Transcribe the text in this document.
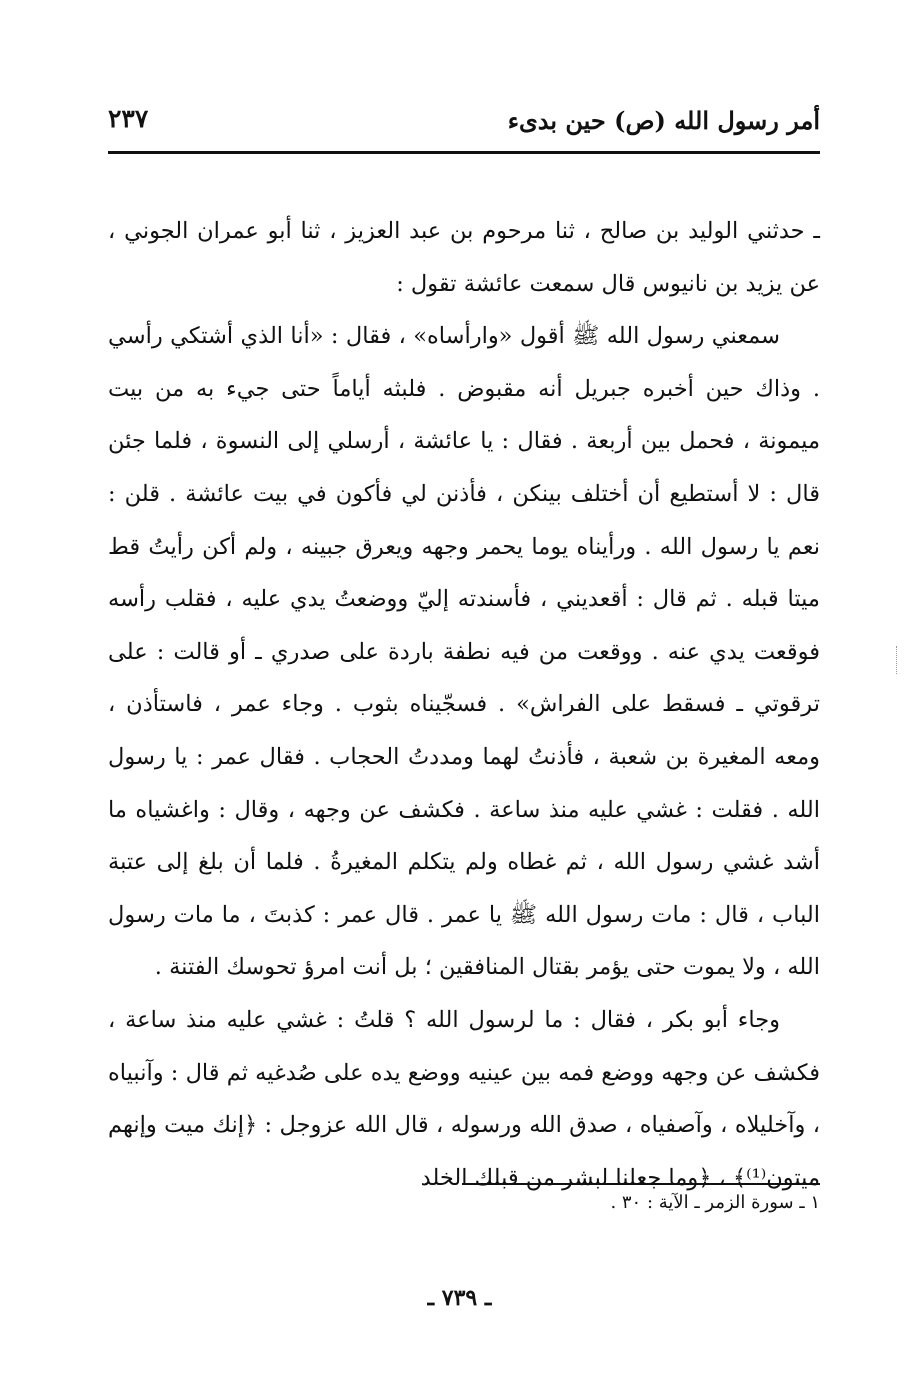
أمر رسول الله (ص) حين بدىء
٢٣٧

ـ حدثني الوليد بن صالح ، ثنا مرحوم بن عبد العزيز ، ثنا أبو عمران الجوني ، عن يزيد بن نانيوس قال سمعت عائشة تقول :

سمعني رسول الله ﷺ أقول «وارأساه» ، فقال : «أنا الذي أشتكي رأسي . وذاك حين أخبره جبريل أنه مقبوض . فلبثه أياماً حتى جيء به من بيت ميمونة ، فحمل بين أربعة . فقال : يا عائشة ، أرسلي إلى النسوة ، فلما جئن قال : لا أستطيع أن أختلف بينكن ، فأذنن لي فأكون في بيت عائشة . قلن : نعم يا رسول الله . ورأيناه يوما يحمر وجهه ويعرق جبينه ، ولم أكن رأيتُ قط ميتا قبله . ثم قال : أقعديني ، فأسندته إليّ ووضعتُ يدي عليه ، فقلب رأسه فوقعت يدي عنه . ووقعت من فيه نطفة باردة على صدري ـ أو قالت : على ترقوتي ـ فسقط على الفراش» . فسجّيناه بثوب . وجاء عمر ، فاستأذن ، ومعه المغيرة بن شعبة ، فأذنتُ لهما ومددتُ الحجاب . فقال عمر : يا رسول الله . فقلت : غشي عليه منذ ساعة . فكشف عن وجهه ، وقال : واغشياه ما أشد غشي رسول الله ، ثم غطاه ولم يتكلم المغيرةُ . فلما أن بلغ إلى عتبة الباب ، قال : مات رسول الله ﷺ يا عمر . قال عمر : كذبتَ ، ما مات رسول الله ، ولا يموت حتى يؤمر بقتال المنافقين ؛ بل أنت امرؤ تحوسك الفتنة .

وجاء أبو بكر ، فقال : ما لرسول الله ؟ قلتُ : غشي عليه منذ ساعة ، فكشف عن وجهه ووضع فمه بين عينيه ووضع يده على صُدغيه ثم قال : وآنبياه ، وآخليلاه ، وآصفياه ، صدق الله ورسوله ، قال الله عزوجل : ﴿إنك ميت وإنهم ميتون⁽¹⁾﴾ ، ﴿وما جعلنا لبشر من قبلك الخلد

١ ـ سورة الزمر ـ الآية : ٣٠ .
ـ ٧٣٩ ـ
